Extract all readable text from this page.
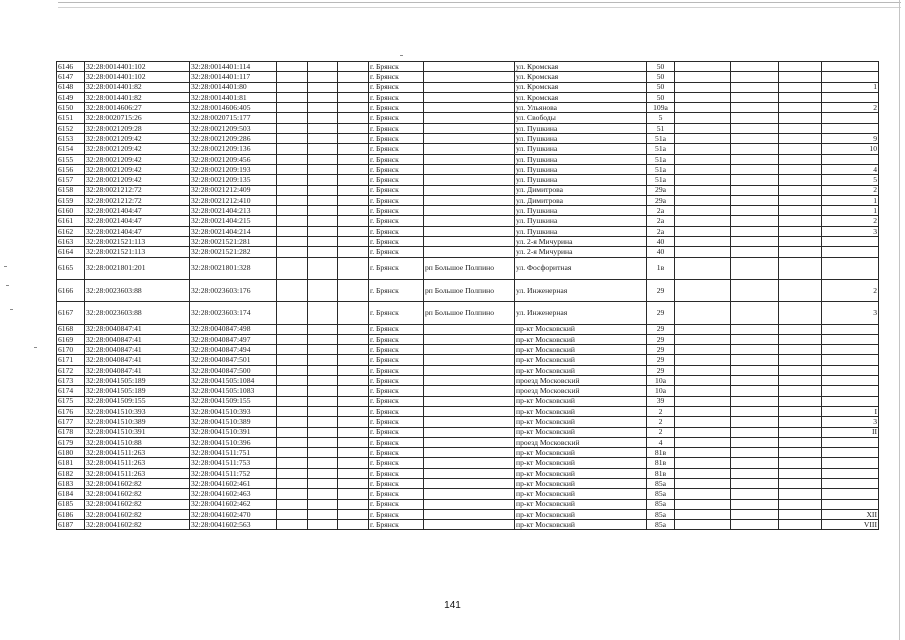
6146	32:28:0014401:102	32:28:0014401:114				г. Брянск		ул. Кромская	50				
6147	32:28:0014401:102	32:28:0014401:117				г. Брянск		ул. Кромская	50				
6148	32:28:0014401:82	32:28:0014401:80				г. Брянск		ул. Кромская	50				1
6149	32:28:0014401:82	32:28:0014401:81				г. Брянск		ул. Кромская	50				
6150	32:28:0014606:27	32:28:0014606:405				г. Брянск		ул. Ульянова	109а				2
6151	32:28:0020715:26	32:28:0020715:177				г. Брянск		ул. Свободы	5				
6152	32:28:0021209:28	32:28:0021209:503				г. Брянск		ул. Пушкина	51				
6153	32:28:0021209:42	32:28:0021209:286				г. Брянск		ул. Пушкина	51а				9
6154	32:28:0021209:42	32:28:0021209:136				г. Брянск		ул. Пушкина	51а				10
6155	32:28:0021209:42	32:28:0021209:456				г. Брянск		ул. Пушкина	51а				
6156	32:28:0021209:42	32:28:0021209:193				г. Брянск		ул. Пушкина	51а				4
6157	32:28:0021209:42	32:28:0021209:135				г. Брянск		ул. Пушкина	51а				5
6158	32:28:0021212:72	32:28:0021212:409				г. Брянск		ул. Димитрова	29а				2
6159	32:28:0021212:72	32:28:0021212:410				г. Брянск		ул. Димитрова	29а				1
6160	32:28:0021404:47	32:28:0021404:213				г. Брянск		ул. Пушкина	2а				1
6161	32:28:0021404:47	32:28:0021404:215				г. Брянск		ул. Пушкина	2а				2
6162	32:28:0021404:47	32:28:0021404:214				г. Брянск		ул. Пушкина	2а				3
6163	32:28:0021521:113	32:28:0021521:281				г. Брянск		ул. 2-я Мичурина	40				
6164	32:28:0021521:113	32:28:0021521:282				г. Брянск		ул. 2-я Мичурина	40				
6165	32:28:0021801:201	32:28:0021801:328				г. Брянск	рп Большое Полпино	ул. Фосфоритная	1в				
6166	32:28:0023603:88	32:28:0023603:176				г. Брянск	рп Большое Полпино	ул. Инженерная	29				2
6167	32:28:0023603:88	32:28:0023603:174				г. Брянск	рп Большое Полпино	ул. Инженерная	29				3
6168	32:28:0040847:41	32:28:0040847:498				г. Брянск		пр-кт Московский	29				
6169	32:28:0040847:41	32:28:0040847:497				г. Брянск		пр-кт Московский	29				
6170	32:28:0040847:41	32:28:0040847:494				г. Брянск		пр-кт Московский	29				
6171	32:28:0040847:41	32:28:0040847:501				г. Брянск		пр-кт Московский	29				
6172	32:28:0040847:41	32:28:0040847:500				г. Брянск		пр-кт Московский	29				
6173	32:28:0041505:189	32:28:0041505:1084				г. Брянск		проезд Московский	10а				
6174	32:28:0041505:189	32:28:0041505:1083				г. Брянск		проезд Московский	10а				
6175	32:28:0041509:155	32:28:0041509:155				г. Брянск		пр-кт Московский	39				
6176	32:28:0041510:393	32:28:0041510:393				г. Брянск		пр-кт Московский	2				I
6177	32:28:0041510:389	32:28:0041510:389				г. Брянск		пр-кт Московский	2				3
6178	32:28:0041510:391	32:28:0041510:391				г. Брянск		пр-кт Московский	2				II
6179	32:28:0041510:88	32:28:0041510:396				г. Брянск		проезд Московский	4				
6180	32:28:0041511:263	32:28:0041511:751				г. Брянск		пр-кт Московский	81в				
6181	32:28:0041511:263	32:28:0041511:753				г. Брянск		пр-кт Московский	81в				
6182	32:28:0041511:263	32:28:0041511:752				г. Брянск		пр-кт Московский	81в				
6183	32:28:0041602:82	32:28:0041602:461				г. Брянск		пр-кт Московский	85а				
6184	32:28:0041602:82	32:28:0041602:463				г. Брянск		пр-кт Московский	85а				
6185	32:28:0041602:82	32:28:0041602:462				г. Брянск		пр-кт Московский	85а				
6186	32:28:0041602:82	32:28:0041602:470				г. Брянск		пр-кт Московский	85а				XII
6187	32:28:0041602:82	32:28:0041602:563				г. Брянск		пр-кт Московский	85а				VIII
141
